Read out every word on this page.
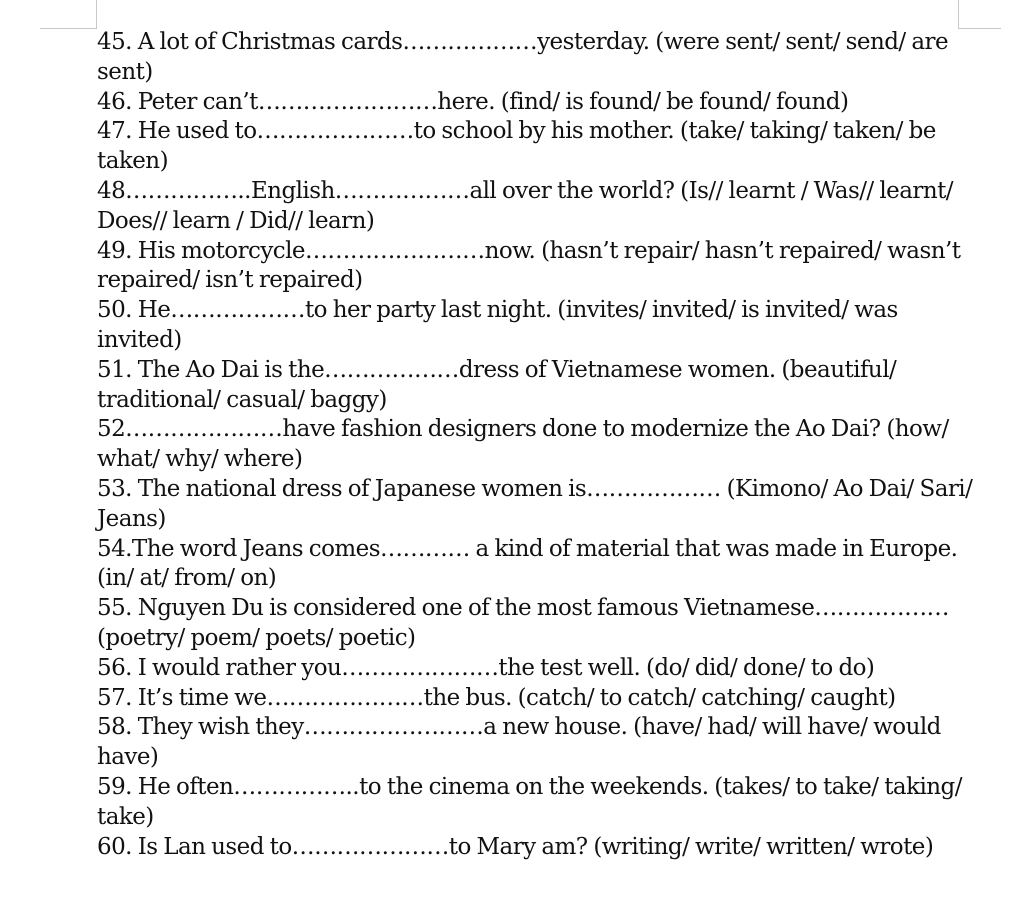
45. A lot of Christmas cards………………yesterday. (were sent/ sent/ send/ are sent)

46. Peter can’t……………………here. (find/ is found/ be found/ found)

47. He used to…………………to school by his mother. (take/ taking/ taken/ be taken)

48……………..English………………all over the world? (Is// learnt / Was// learnt/ Does// learn / Did// learn)

49. His motorcycle……………………now. (hasn’t repair/ hasn’t repaired/ wasn’t repaired/ isn’t repaired)

50. He………………to her party last night. (invites/ invited/ is invited/ was invited)

51. The Ao Dai is the………………dress of Vietnamese women. (beautiful/ traditional/ casual/ baggy)

52…………………have fashion designers done to modernize the Ao Dai? (how/ what/ why/ where)

53. The national dress of Japanese women is……………… (Kimono/ Ao Dai/ Sari/ Jeans)

54.The word Jeans comes………… a kind of material that was made in Europe. (in/ at/ from/ on)

55. Nguyen Du is considered one of the most famous Vietnamese……………… (poetry/ poem/ poets/ poetic)

56. I would rather you…………………the test well. (do/ did/ done/ to do)

57. It’s time we…………………the bus. (catch/ to catch/ catching/ caught)

58. They wish they……………………a new house. (have/ had/ will have/ would have)

59. He often……………..to the cinema on the weekends. (takes/ to take/ taking/ take)

60. Is Lan used to…………………to Mary am? (writing/ write/ written/ wrote)
